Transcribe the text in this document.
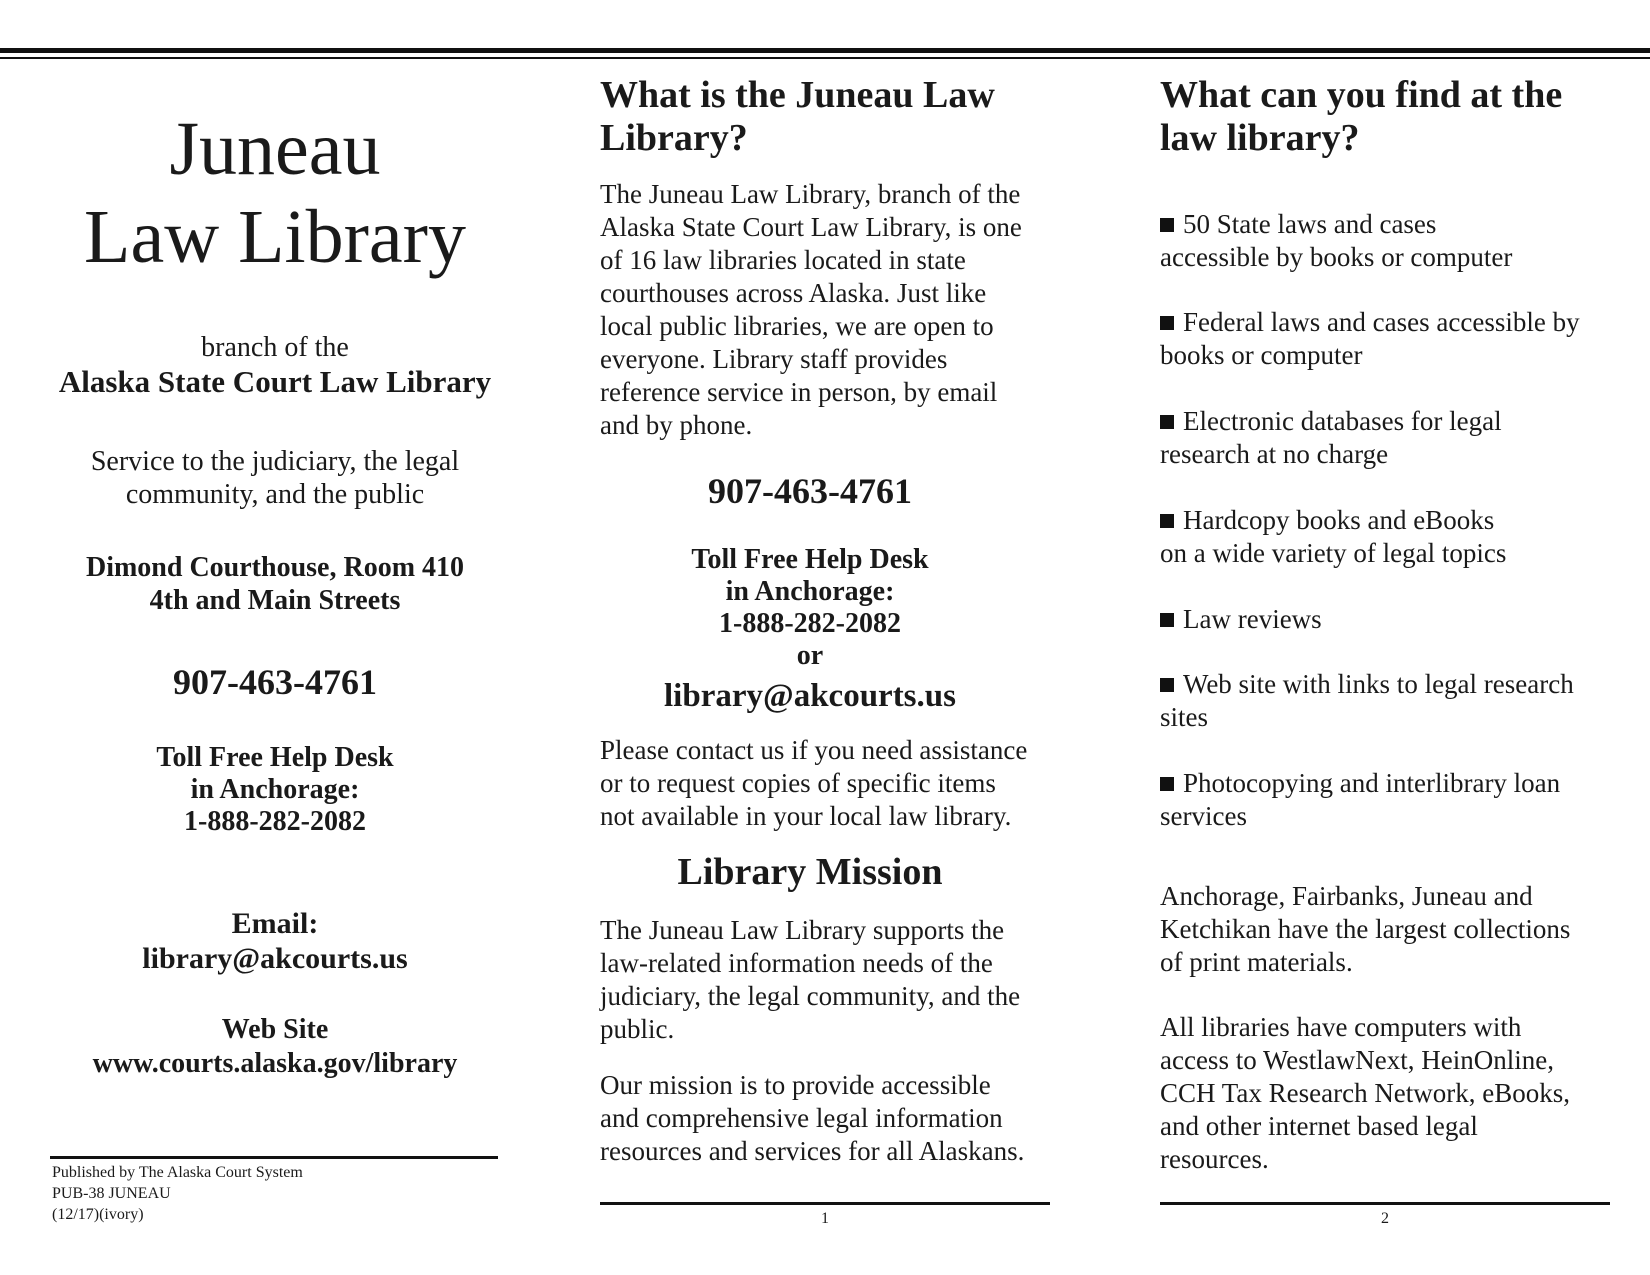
Juneau
Law Library

branch of the

Alaska State Court Law Library

Service to the judiciary, the legal
community, and the public

Dimond Courthouse, Room 410
4th and Main Streets

907-463-4761

Toll Free Help Desk
in Anchorage:
1-888-282-2082

Email:
library@akcourts.us

Web Site
www.courts.alaska.gov/library

Published by The Alaska Court System
PUB-38 JUNEAU
(12/17)(ivory)

What is the Juneau Law
Library?

The Juneau Law Library, branch of the
Alaska State Court Law Library, is one
of 16 law libraries located in state
courthouses across Alaska. Just like
local public libraries, we are open to
everyone. Library staff provides
reference service in person, by email
and by phone.

907-463-4761

Toll Free Help Desk
in Anchorage:
1-888-282-2082
or

library@akcourts.us

Please contact us if you need assistance
or to request copies of specific items
not available in your local law library.

Library Mission

The Juneau Law Library supports the
law-related information needs of the
judiciary, the legal community, and the
public.

Our mission is to provide accessible
and comprehensive legal information
resources and services for all Alaskans.

1

What can you find at the
law library?

50 State laws and cases
accessible by books or computer

Federal laws and cases accessible by
books or computer

Electronic databases for legal
research at no charge

Hardcopy books and eBooks
on a wide variety of legal topics

Law reviews

Web site with links to legal research
sites

Photocopying and interlibrary loan
services

Anchorage, Fairbanks, Juneau and
Ketchikan have the largest collections
of print materials.

All libraries have computers with
access to WestlawNext, HeinOnline,
CCH Tax Research Network, eBooks,
and other internet based legal
resources.

2
